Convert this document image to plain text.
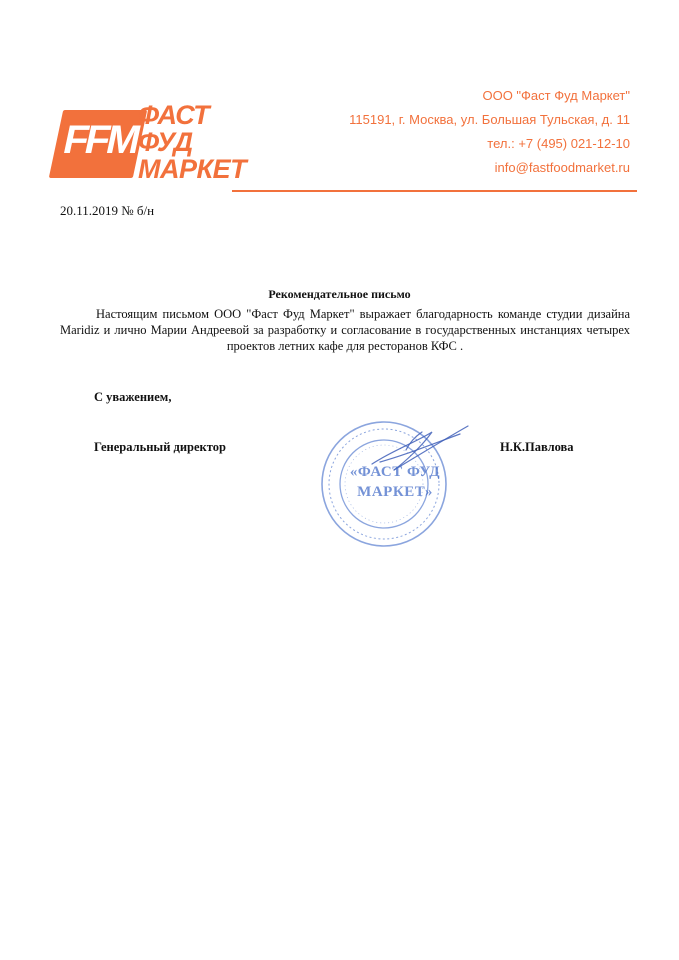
FFM
ФАСТ
ФУД
МАРКЕТ
ООО "Фаст Фуд Маркет"
115191, г. Москва, ул. Большая Тульская, д. 11
тел.: +7 (495) 021-12-10
info@fastfoodmarket.ru
20.11.2019 № б/н
Рекомендательное письмо
Настоящим письмом ООО "Фаст Фуд Маркет" выражает благодарность команде студии дизайна
Maridiz и лично Марии Андреевой за разработку и согласование в государственных инстанциях четырех
проектов летних кафе для ресторанов КФС .
С уважением,
Генеральный директор	Н.К.Павлова
«ФАСТ ФУД
МАРКЕТ»
